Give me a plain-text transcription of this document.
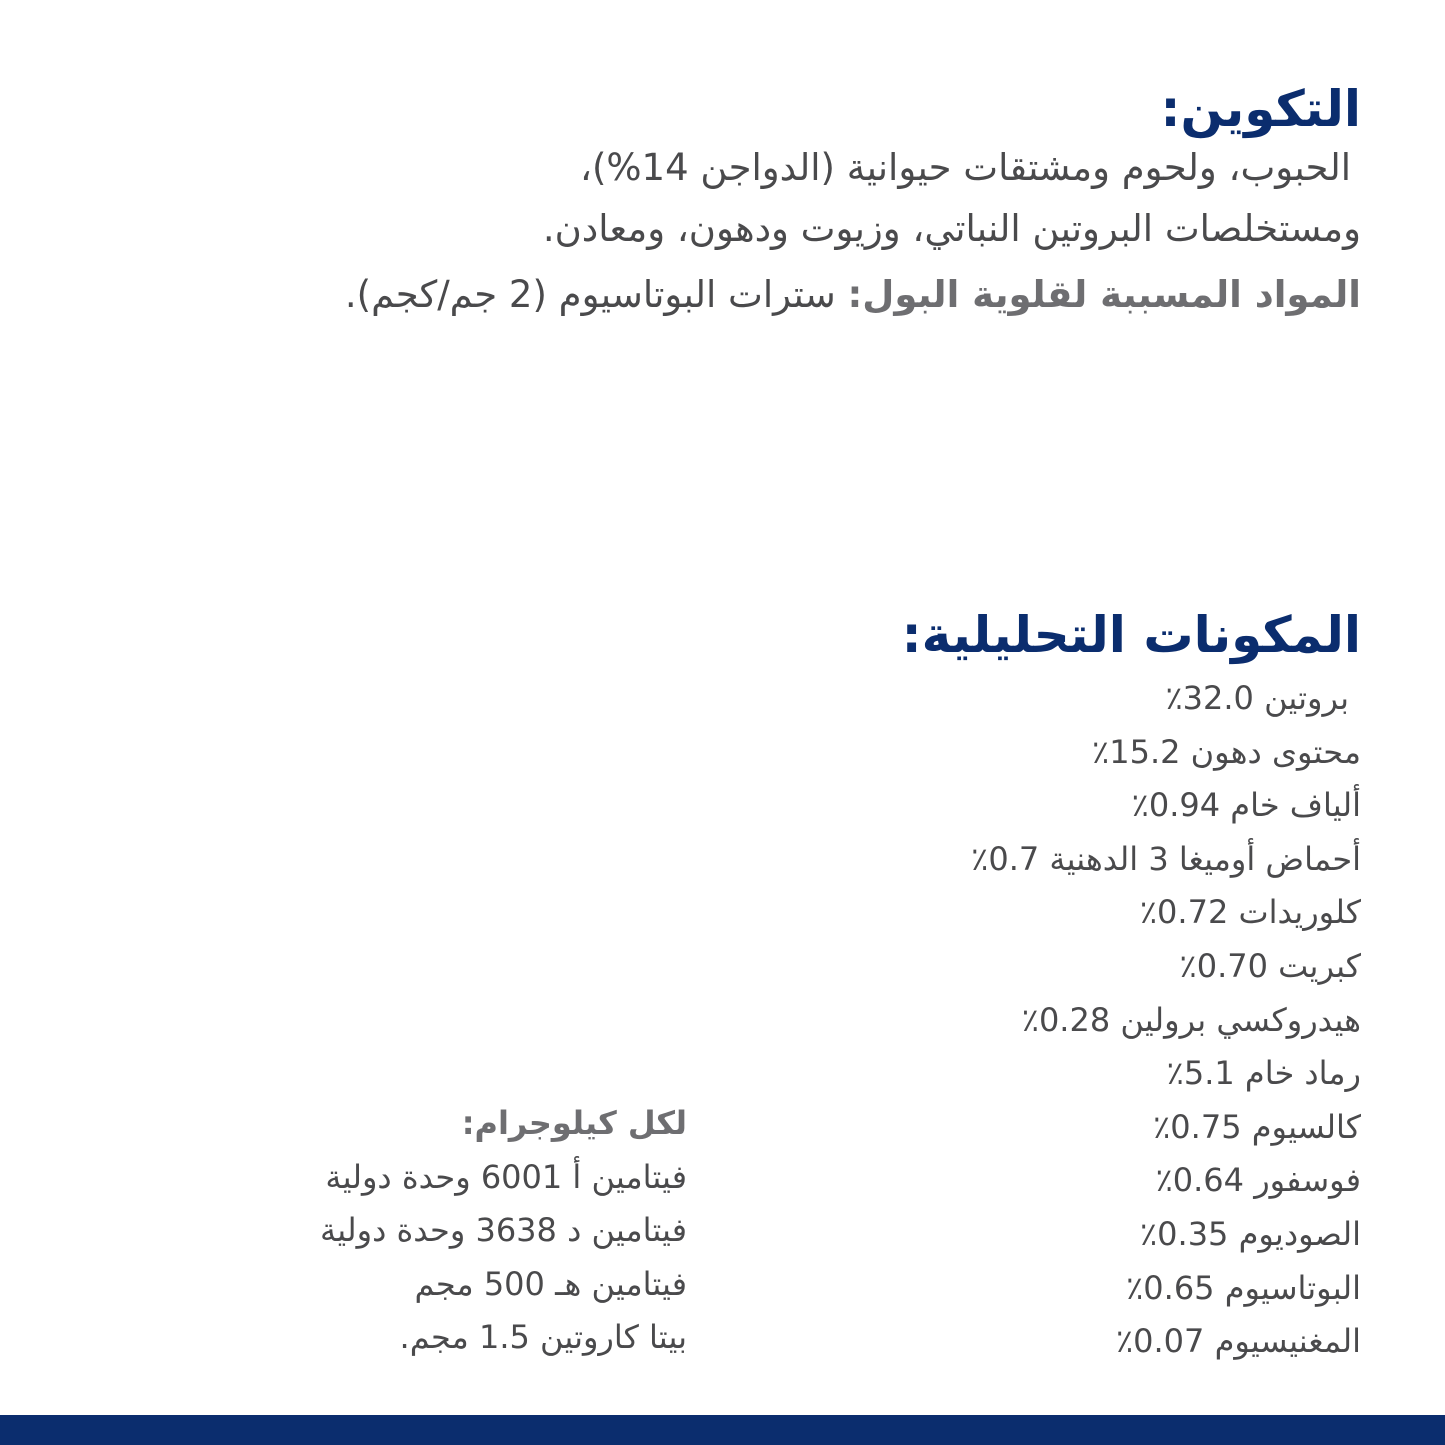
التكوين:

الحبوب، ولحوم ومشتقات حيوانية (الدواجن 14%)،

ومستخلصات البروتين النباتي، وزيوت ودهون، ومعادن.

المواد المسببة لقلوية البول: سترات البوتاسيوم (2 جم/كجم).

المكونات التحليلية:
بروتين 32.0٪
محتوى دهون 15.2٪
ألياف خام 0.94٪
أحماض أوميغا 3 الدهنية 0.7٪
كلوريدات 0.72٪
كبريت 0.70٪
هيدروكسي برولين 0.28٪
رماد خام 5.1٪
كالسيوم 0.75٪
فوسفور 0.64٪
الصوديوم 0.35٪
البوتاسيوم 0.65٪
المغنيسيوم 0.07٪

لكل كيلوجرام:

فيتامين أ 6001 وحدة دولية
فيتامين د 3638 وحدة دولية
فيتامين هـ 500 مجم
بيتا كاروتين 1.5 مجم.
